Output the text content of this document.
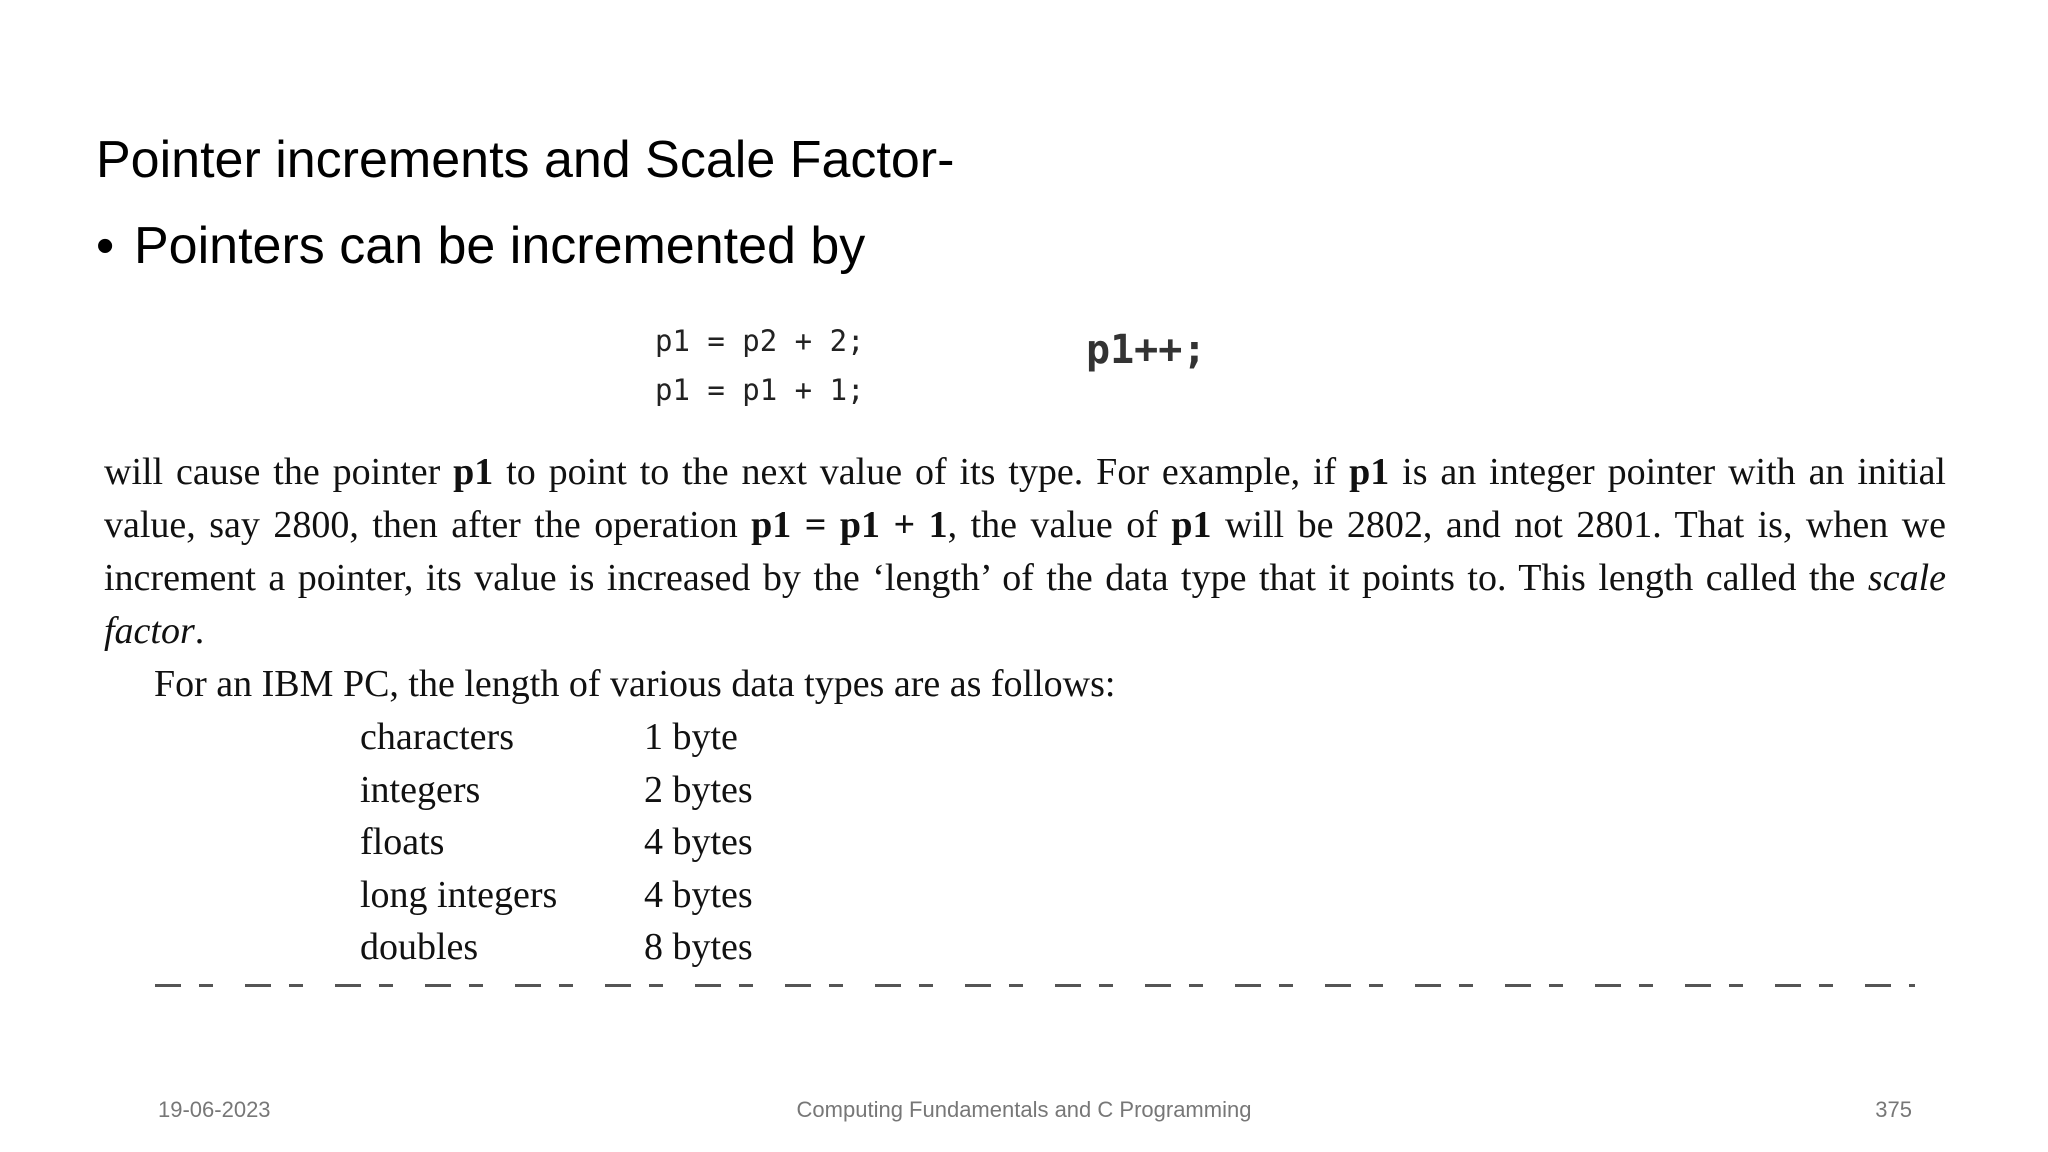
Pointer increments and Scale Factor-
• Pointers can be incremented by
p1 = p2 + 2;
p1 = p1 + 1;
p1++;
will cause the pointer p1 to point to the next value of its type. For example, if p1 is an integer pointer with an initial value, say 2800, then after the operation p1 = p1 + 1, the value of p1 will be 2802, and not 2801. That is, when we increment a pointer, its value is increased by the ‘length’ of the data type that it points to. This length called the scale factor.
For an IBM PC, the length of various data types are as follows:
characters	1 byte
integers	2 bytes
floats	4 bytes
long integers 4 bytes
doubles	8 bytes
19-06-2023	Computing Fundamentals and C Programming	375
